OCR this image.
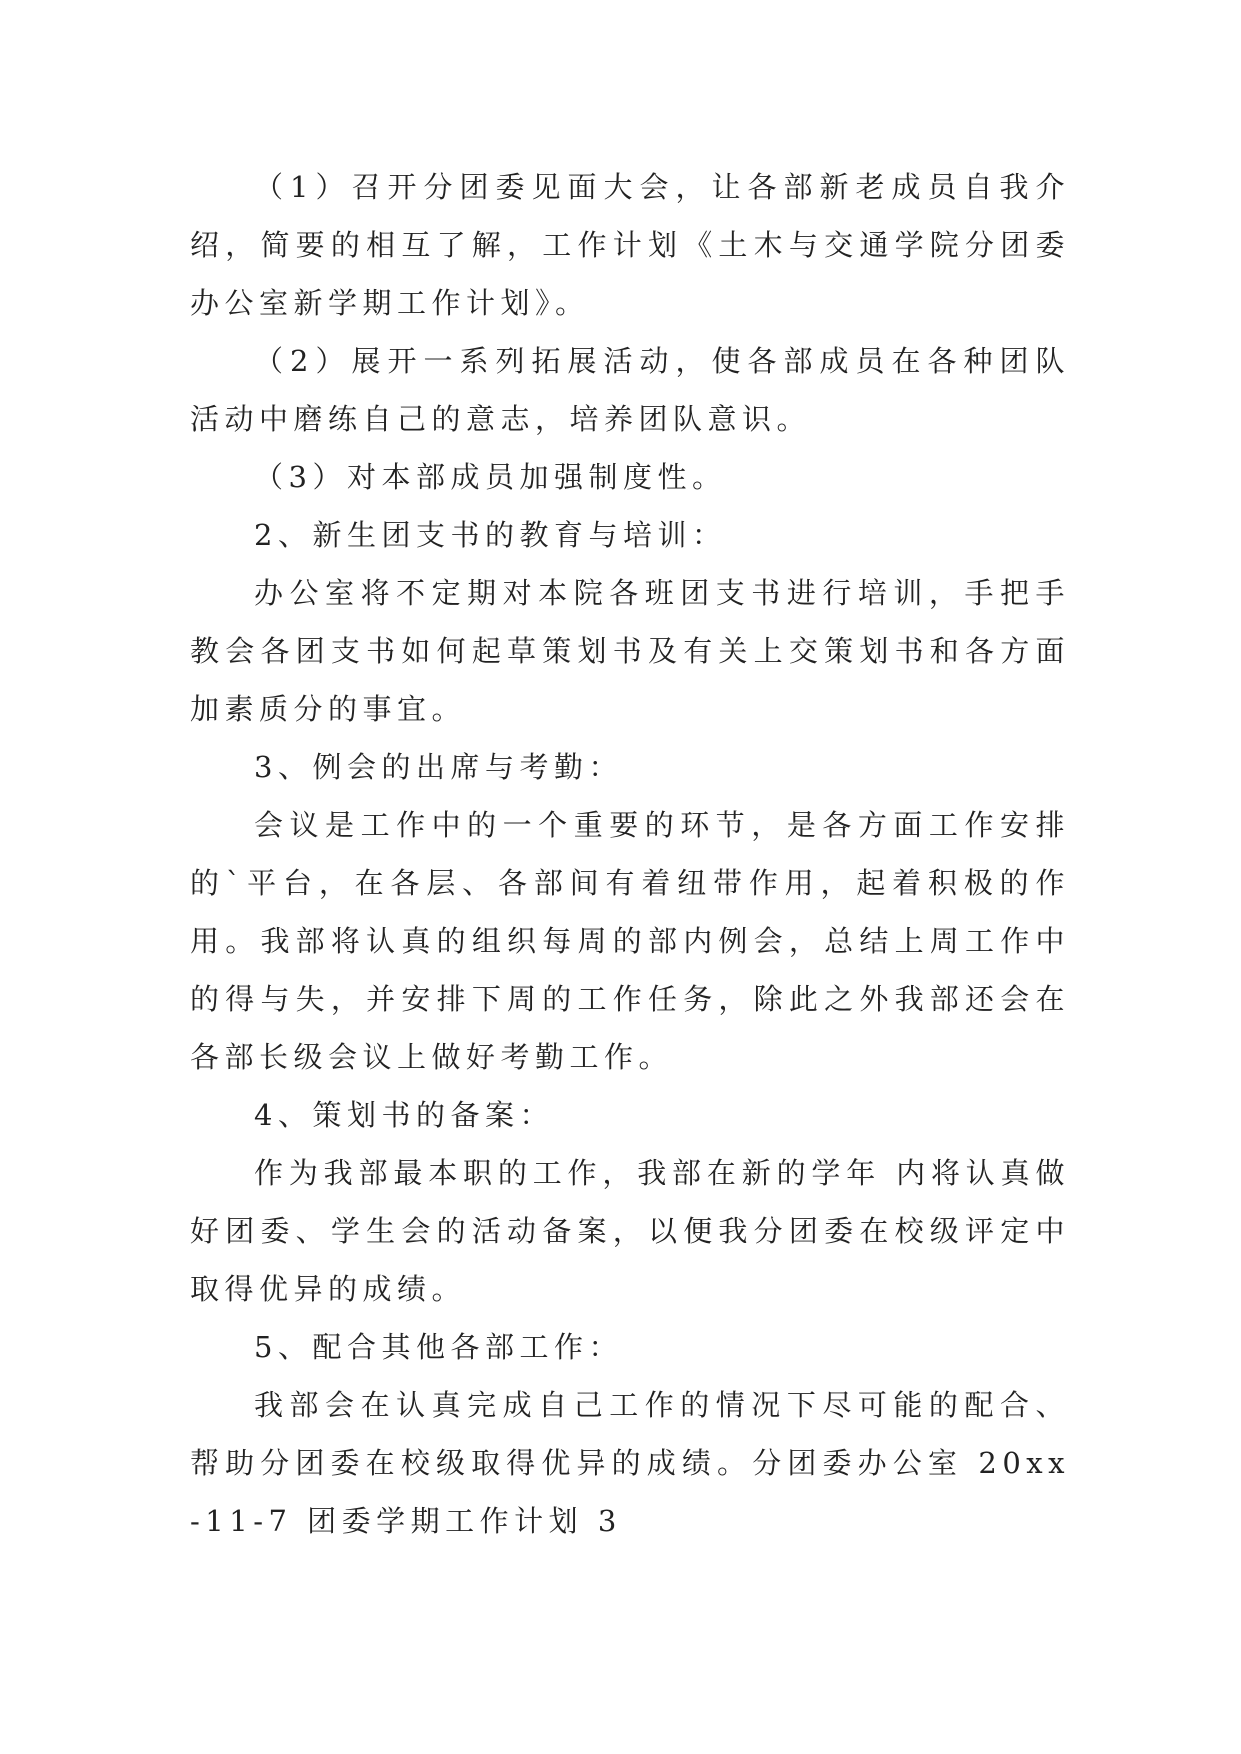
（1）召开分团委见面大会，让各部新老成员自我介绍，简要的相互了解，工作计划《土木与交通学院分团委办公室新学期工作计划》。

（2）展开一系列拓展活动，使各部成员在各种团队活动中磨练自己的意志，培养团队意识。

（3）对本部成员加强制度性。

2、新生团支书的教育与培训：

办公室将不定期对本院各班团支书进行培训，手把手教会各团支书如何起草策划书及有关上交策划书和各方面加素质分的事宜。

3、例会的出席与考勤：

会议是工作中的一个重要的环节，是各方面工作安排的`平台，在各层、各部间有着纽带作用，起着积极的作用。我部将认真的组织每周的部内例会，总结上周工作中的得与失，并安排下周的工作任务，除此之外我部还会在各部长级会议上做好考勤工作。

4、策划书的备案：

作为我部最本职的工作，我部在新的学年 内将认真做好团委、学生会的活动备案，以便我分团委在校级评定中取得优异的成绩。

5、配合其他各部工作：

我部会在认真完成自己工作的情况下尽可能的配合、帮助分团委在校级取得优异的成绩。分团委办公室 20xx-11-7 团委学期工作计划 3
